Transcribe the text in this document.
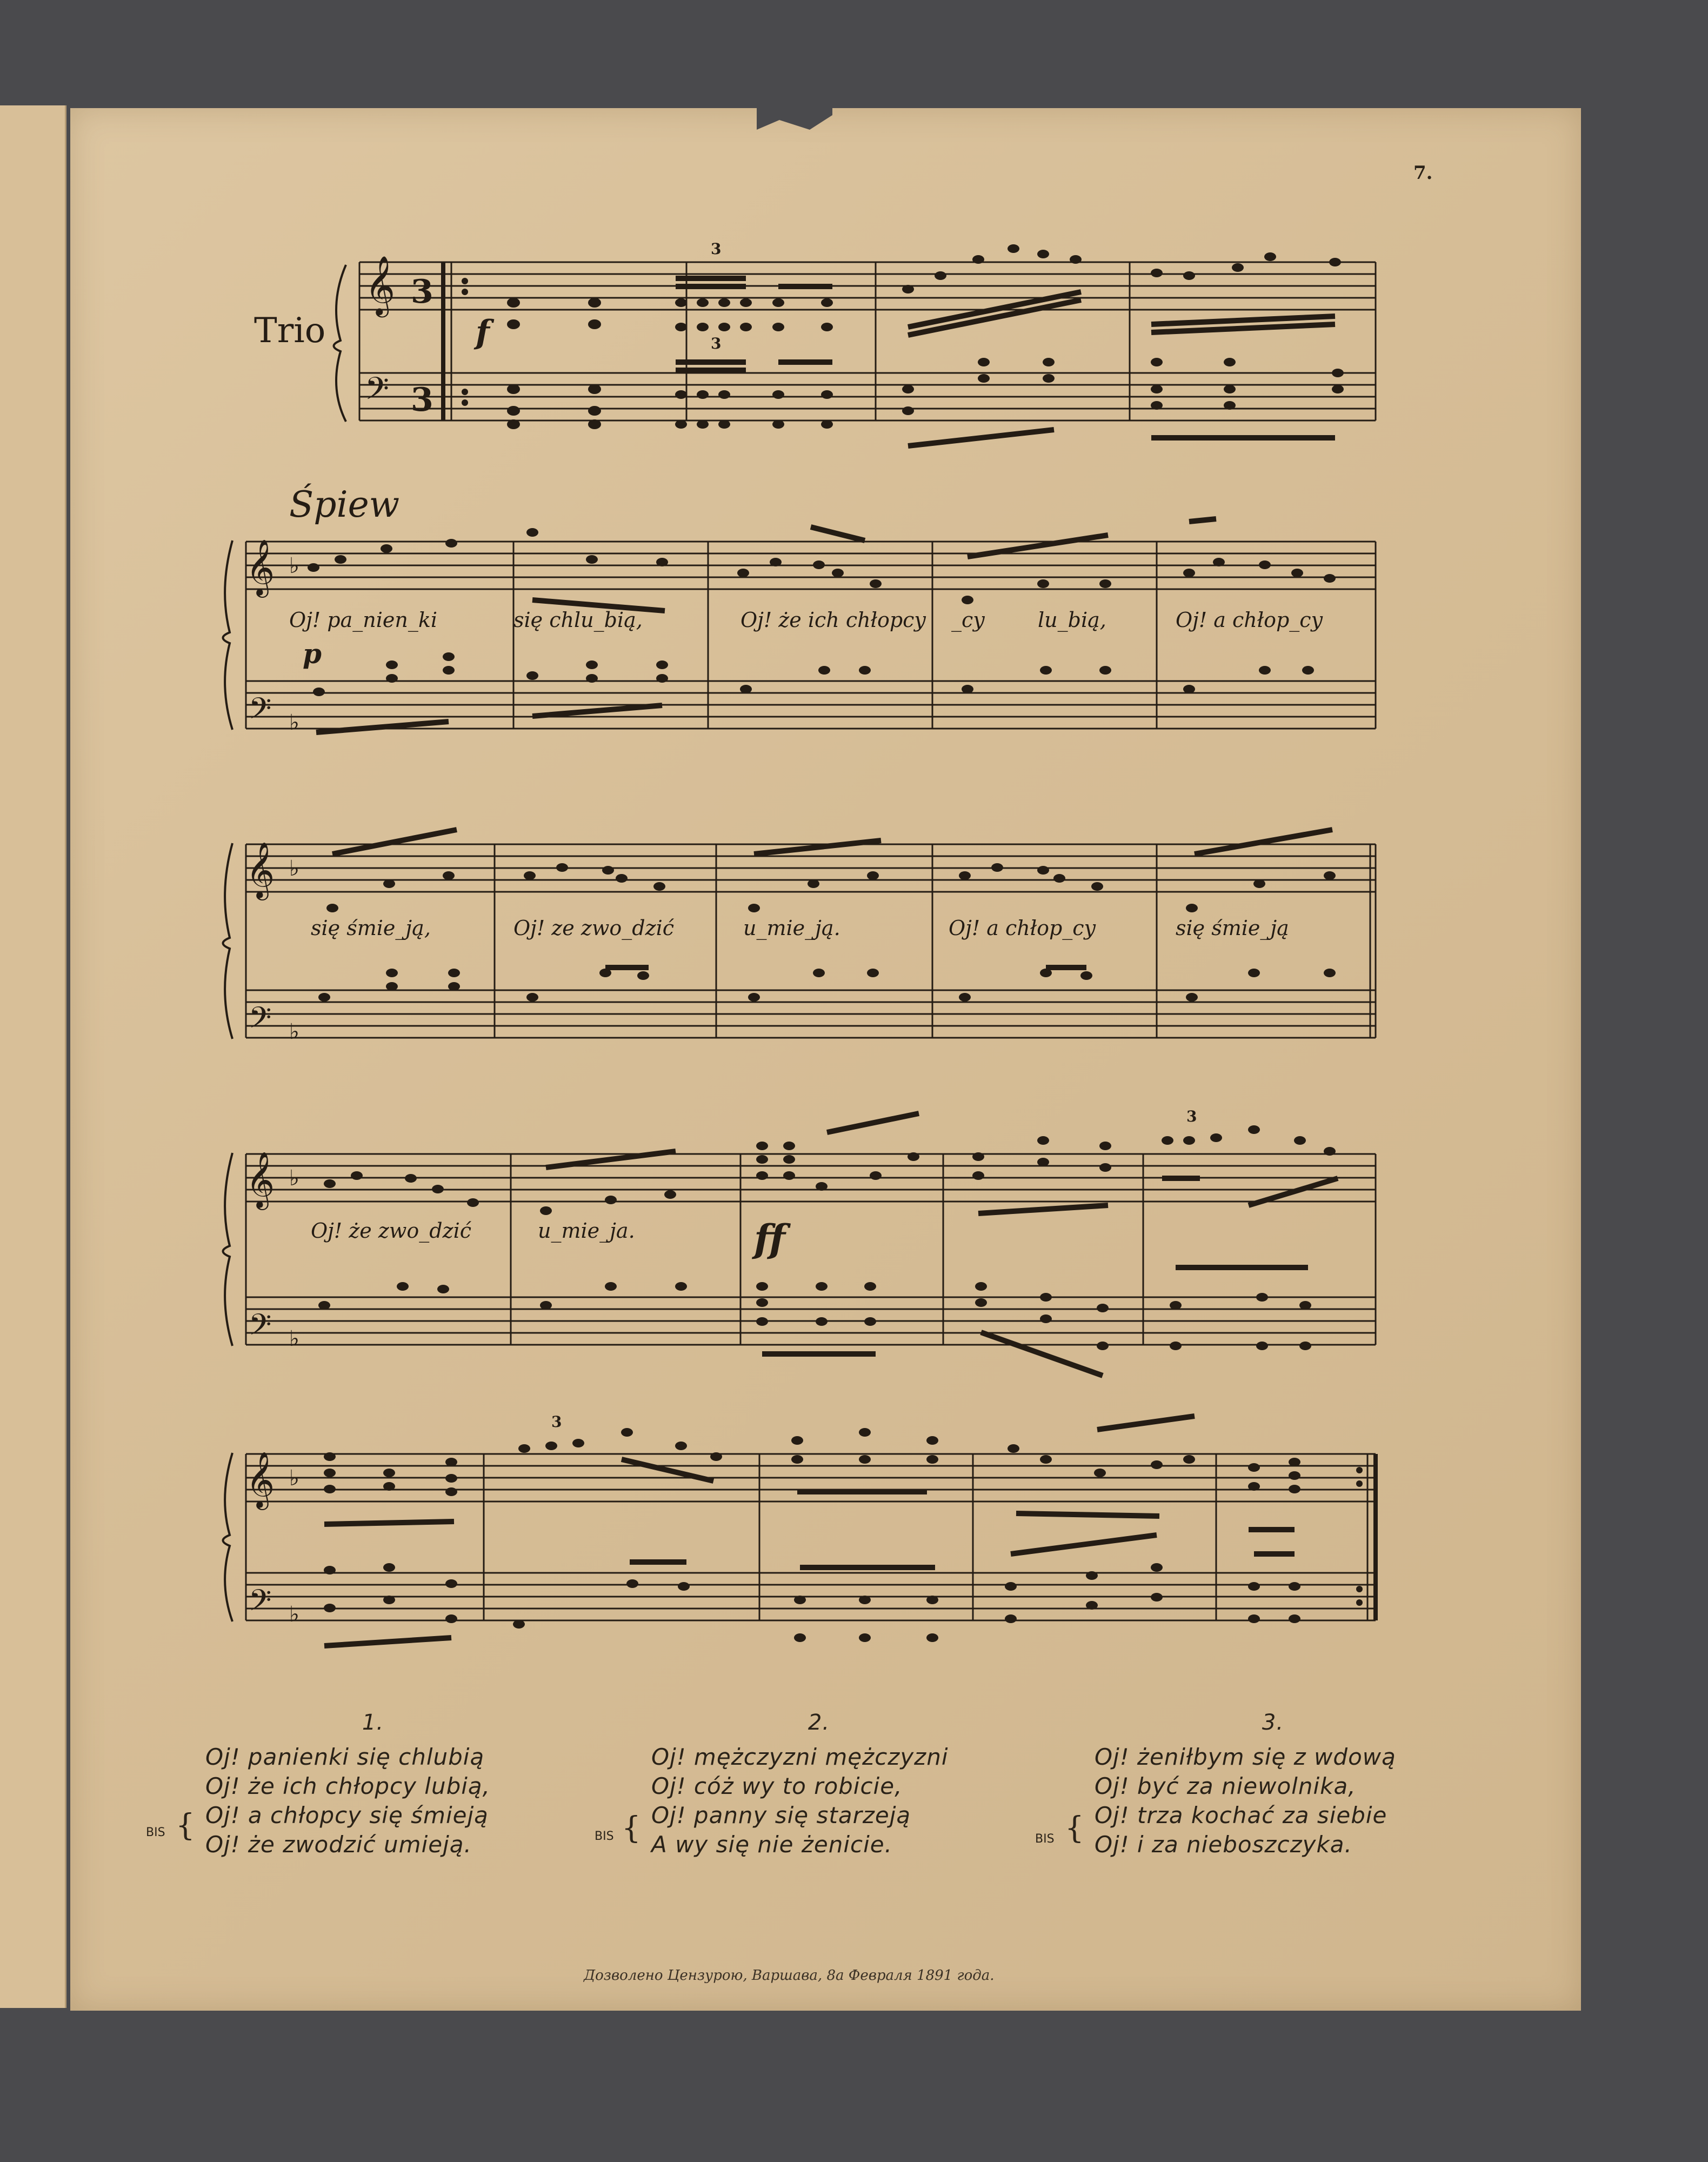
7.
𝄞 3
𝄢 3
𝄞 ♭
𝄢 ♭
𝄞 ♭
𝄢 ♭
𝄞 ♭
𝄢 ♭
𝄞 ♭
𝄢 ♭
3
3
3
3
Trio
Śpiew
f
p
ff
Oj! pa_nien_ki	się chlu_bią,	Oj! że ich chłopcy _cy	lu_bią,	Oj! a chłop_cy
się śmie_ją,	Oj! ze zwo_dzić	u_mie_ją.	Oj! a chłop_cy	się śmie_ją
Oj! że zwo_dzić	u_mie_ja.
1.
Oj! panienki się chlubią
Oj! że ich chłopcy lubią,
Oj! a chłopcy się śmieją
Oj! że zwodzić umieją.
BIS {
2.
Oj! mężczyzni mężczyzni
Oj! cóż wy to robicie,
Oj! panny się starzeją
A wy się nie żenicie.
BIS {
3.
Oj! żeniłbym się z wdową
Oj! być za niewolnika,
Oj! trza kochać za siebie
Oj! i za nieboszczyka.
BIS {
Дозволено Цензурою, Варшава, 8а Февраля 1891 года.
